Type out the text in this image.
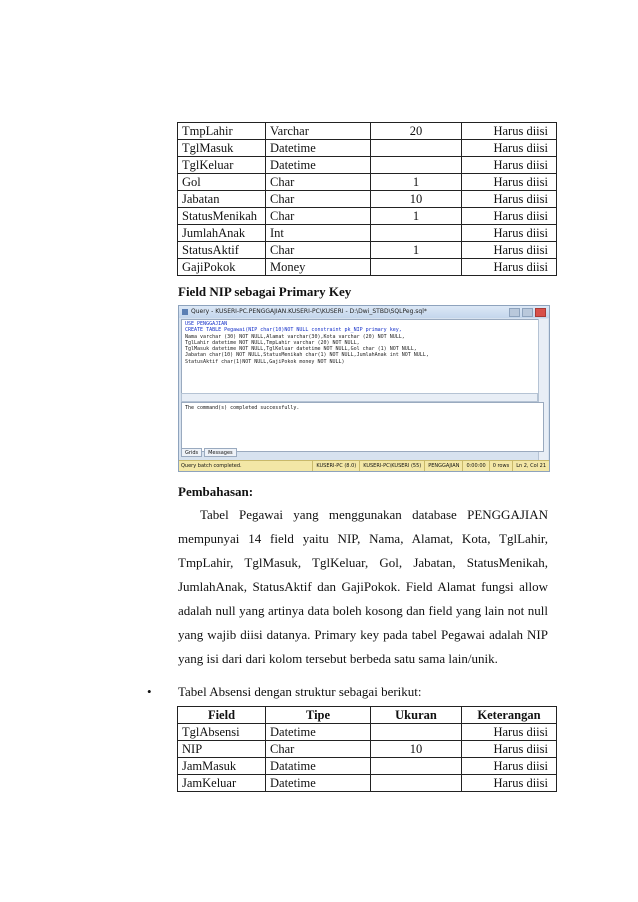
TmpLahir	Varchar	20	Harus diisi
TglMasuk	Datetime		Harus diisi
TglKeluar	Datetime		Harus diisi
Gol	Char	1	Harus diisi
Jabatan	Char	10	Harus diisi
StatusMenikah	Char	1	Harus diisi
JumlahAnak	Int		Harus diisi
StatusAktif	Char	1	Harus diisi
GajiPokok	Money		Harus diisi
Field NIP sebagai Primary Key
Query - KUSERI-PC.PENGGAJIAN.KUSERI-PC\KUSERI - D:\Dwi_STBD\SQLPeg.sql*
USE PENGGAJIAN
CREATE TABLE Pegawai(NIP char(10)NOT NULL constraint pk_NIP primary key,
Nama varchar (30) NOT NULL,Alamat varchar(30),Kota varchar (20) NOT NULL,
TglLahir datetime NOT NULL,TmpLahir varchar (20) NOT NULL,
TglMasuk datetime NOT NULL,TglKeluar datetime NOT NULL,Gol char (1) NOT NULL,
Jabatan char(10) NOT NULL,StatusMenikah char(1) NOT NULL,JumlahAnak int NOT NULL,
StatusAktif char(1)NOT NULL,GajiPokok money NOT NULL)
The command(s) completed successfully.
Grids	Messages
Query batch completed.	KUSERI-PC (8.0)	KUSERI-PC\KUSERI (55)	PENGGAJIAN	0:00:00	0 rows	Ln 2, Col 21
Pembahasan:

Tabel Pegawai yang menggunakan database PENGGAJIAN mempunyai 14 field yaitu NIP, Nama, Alamat, Kota, TglLahir, TmpLahir, TglMasuk, TglKeluar, Gol, Jabatan, StatusMenikah, JumlahAnak, StatusAktif dan GajiPokok. Field Alamat fungsi allow adalah null yang artinya data boleh kosong dan field yang lain not null yang wajib diisi datanya. Primary key pada tabel Pegawai adalah NIP yang isi dari dari kolom tersebut berbeda satu sama lain/unik.

• Tabel Absensi dengan struktur sebagai berikut:
Field	Tipe	Ukuran	Keterangan
TglAbsensi	Datetime		Harus diisi
NIP	Char	10	Harus diisi
JamMasuk	Datatime		Harus diisi
JamKeluar	Datetime		Harus diisi
